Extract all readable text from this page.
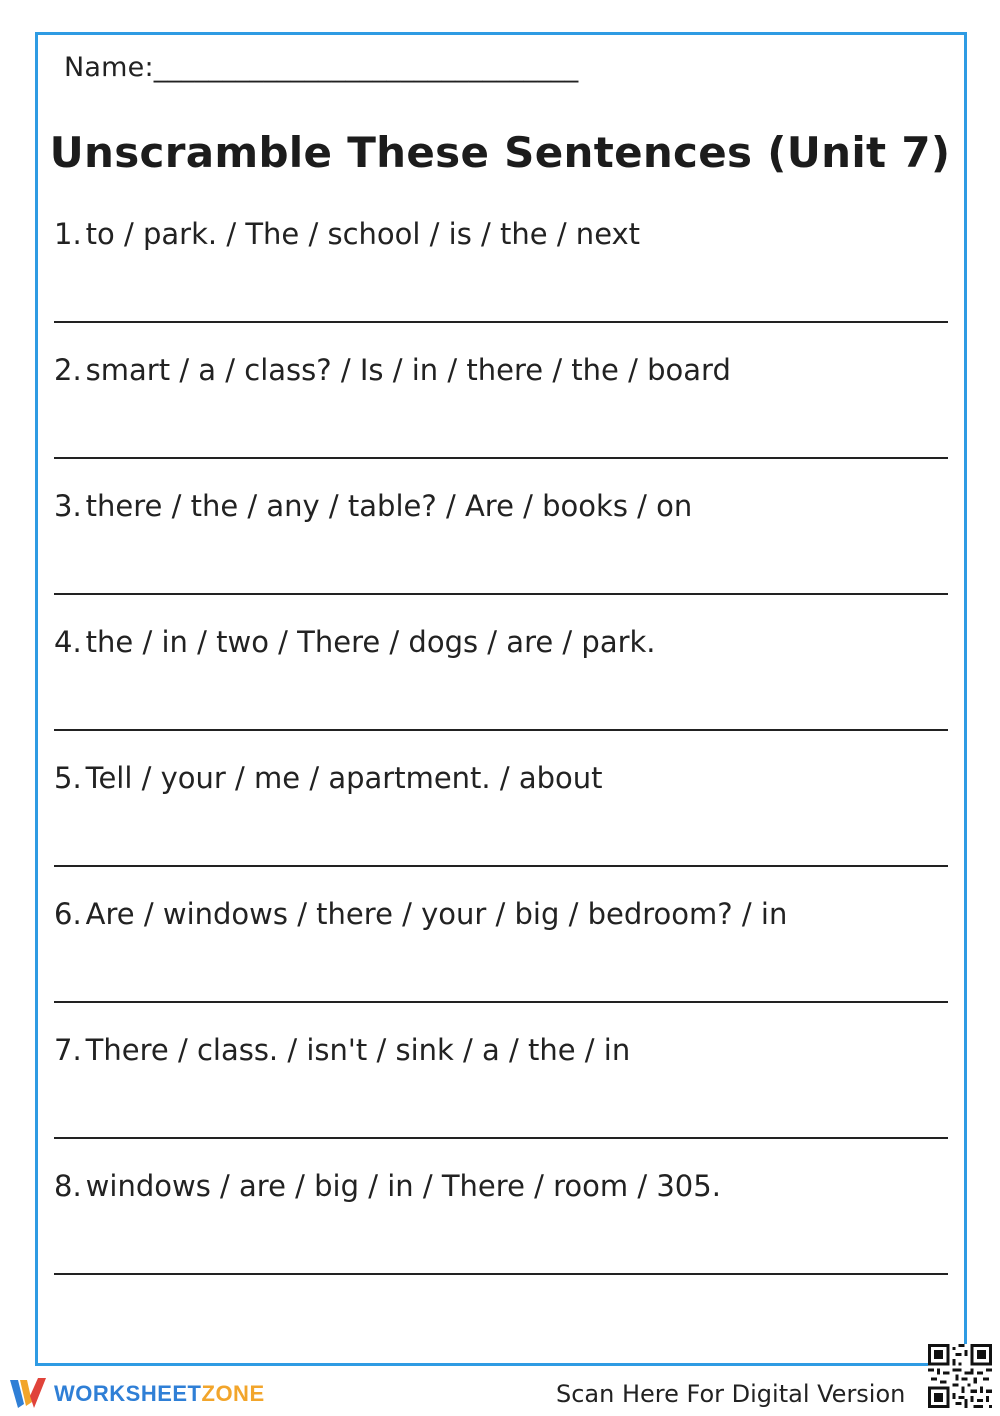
Name:_______________________________
Unscramble These Sentences (Unit 7)
1. to / park. / The / school / is / the / next
2. smart / a / class? / Is / in / there / the / board
3. there / the / any / table? / Are / books / on
4. the / in / two / There / dogs / are / park.
5. Tell / your / me / apartment. / about
6. Are / windows / there / your / big / bedroom? / in
7. There / class. / isn't / sink / a / the / in
8. windows / are / big / in / There / room / 305.
WORKSHEETZONE	Scan Here For Digital Version
